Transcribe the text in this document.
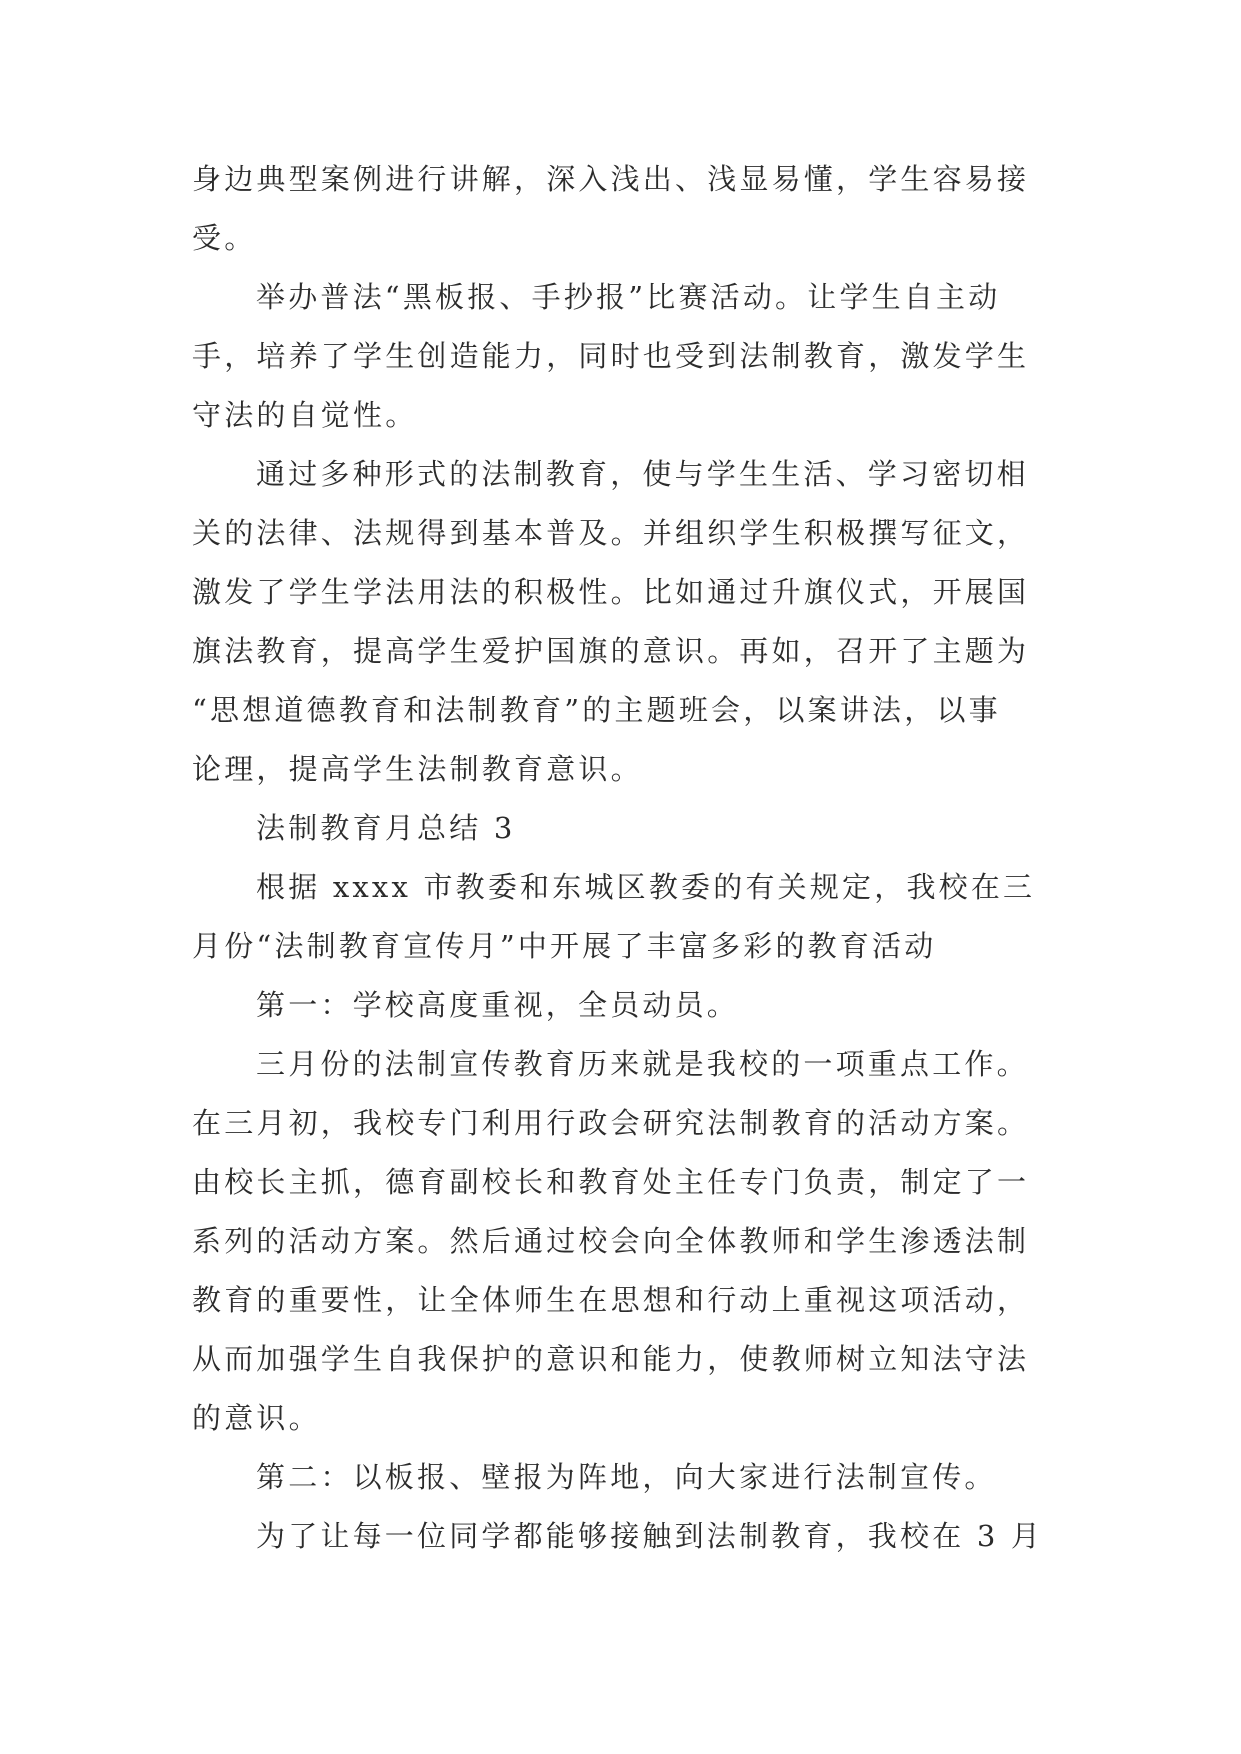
身边典型案例进行讲解，深入浅出、浅显易懂，学生容易接
受。
举办普法“黑板报、手抄报”比赛活动。让学生自主动
手，培养了学生创造能力，同时也受到法制教育，激发学生
守法的自觉性。
通过多种形式的法制教育，使与学生生活、学习密切相
关的法律、法规得到基本普及。并组织学生积极撰写征文，
激发了学生学法用法的积极性。比如通过升旗仪式，开展国
旗法教育，提高学生爱护国旗的意识。再如，召开了主题为
“思想道德教育和法制教育”的主题班会，以案讲法，以事
论理，提高学生法制教育意识。
法制教育月总结 3
根据 xxxx 市教委和东城区教委的有关规定，我校在三
月份“法制教育宣传月”中开展了丰富多彩的教育活动
第一：学校高度重视，全员动员。
三月份的法制宣传教育历来就是我校的一项重点工作。
在三月初，我校专门利用行政会研究法制教育的活动方案。
由校长主抓，德育副校长和教育处主任专门负责，制定了一
系列的活动方案。然后通过校会向全体教师和学生渗透法制
教育的重要性，让全体师生在思想和行动上重视这项活动，
从而加强学生自我保护的意识和能力，使教师树立知法守法
的意识。
第二：以板报、壁报为阵地，向大家进行法制宣传。
为了让每一位同学都能够接触到法制教育，我校在 3 月
